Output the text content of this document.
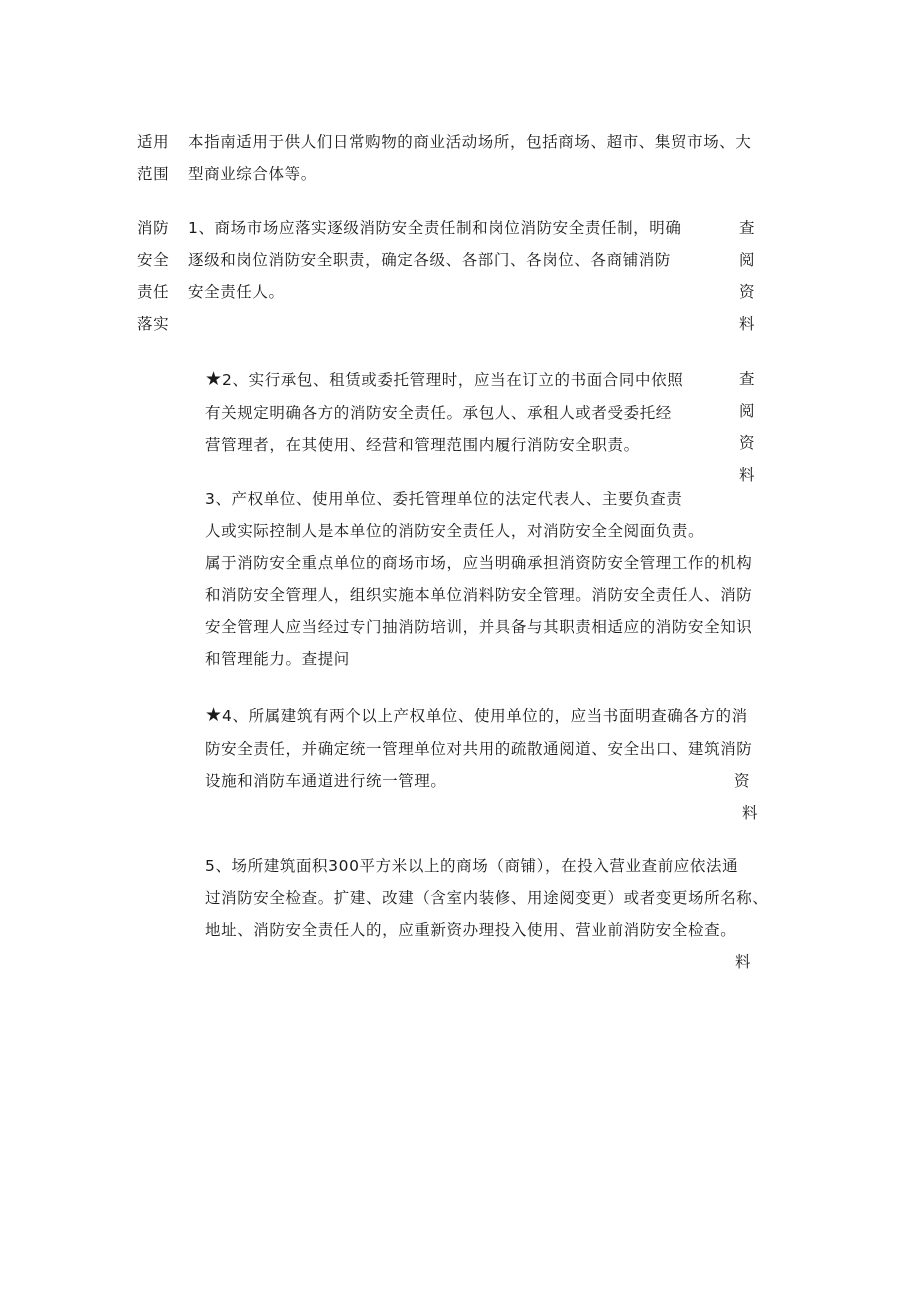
适用
范围
本指南适用于供人们日常购物的商业活动场所，包括商场、超市、集贸市场、大
型商业综合体等。
消防
安全
责任
落实
1、商场市场应落实逐级消防安全责任制和岗位消防安全责任制，明确
逐级和岗位消防安全职责，确定各级、各部门、各岗位、各商铺消防
安全责任人。
查
阅
资
料
★2、实行承包、租赁或委托管理时，应当在订立的书面合同中依照
有关规定明确各方的消防安全责任。承包人、承租人或者受委托经
营管理者，在其使用、经营和管理范围内履行消防安全职责。
查
阅
资
料
3、产权单位、使用单位、委托管理单位的法定代表人、主要负查责
人或实际控制人是本单位的消防安全责任人，对消防安全全阅面负责。
属于消防安全重点单位的商场市场，应当明确承担消资防安全管理工作的机构
和消防安全管理人，组织实施本单位消料防安全管理。消防安全责任人、消防
安全管理人应当经过专门抽消防培训，并具备与其职责相适应的消防安全知识
和管理能力。查提问
★4、所属建筑有两个以上产权单位、使用单位的，应当书面明查确各方的消
防安全责任，并确定统一管理单位对共用的疏散通阅道、安全出口、建筑消防
设施和消防车通道进行统一管理。	资
料
5、场所建筑面积300平方米以上的商场（商铺），在投入营业查前应依法通
过消防安全检查。扩建、改建（含室内装修、用途阅变更）或者变更场所名称、
地址、消防安全责任人的，应重新资办理投入使用、营业前消防安全检查。
料
